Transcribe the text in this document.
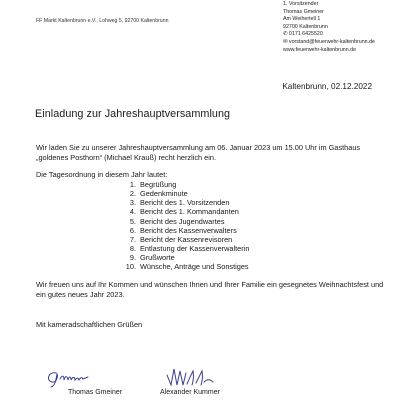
FF Markt Kaltenbrunn e.V., Lohweg 5, 92700 Kaltenbrunn
1. Vorsitzender
Thomas Gmeiner
Am Weihertell 1
92700 Kaltenbrunn
✆ 0171 6425520
✉ vorstand@feuerwehr-kaltenbrunn.de
www.feuerwehr-kaltenbrunn.de
Kaltenbrunn, 02.12.2022
Einladung zur Jahreshauptversammlung
Wir laden Sie zu unserer Jahreshauptversammlung am 06. Januar 2023 um 15.00 Uhr im Gasthaus „goldenes Posthorn“ (Michael Krauß) recht herzlich ein.
Die Tagesordnung in diesem Jahr lautet:
1. Begrüßung
2. Gedenkminute
3. Bericht des 1. Vorsitzenden
4. Bericht des 1. Kommandanten
5. Bericht des Jugendwartes
6. Bericht des Kassenverwalters
7. Bericht der Kassenrevisoren
8. Entlastung der Kassenverwalterin
9. Grußworte
10. Wünsche, Anträge und Sonstiges
Wir freuen uns auf Ihr Kommen und wünschen Ihnen und Ihrer Familie ein gesegnetes Weihnachtsfest und ein gutes neues Jahr 2023.
Mit kameradschaftlichen Grüßen
Thomas Gmeiner	Alexander Kummer
